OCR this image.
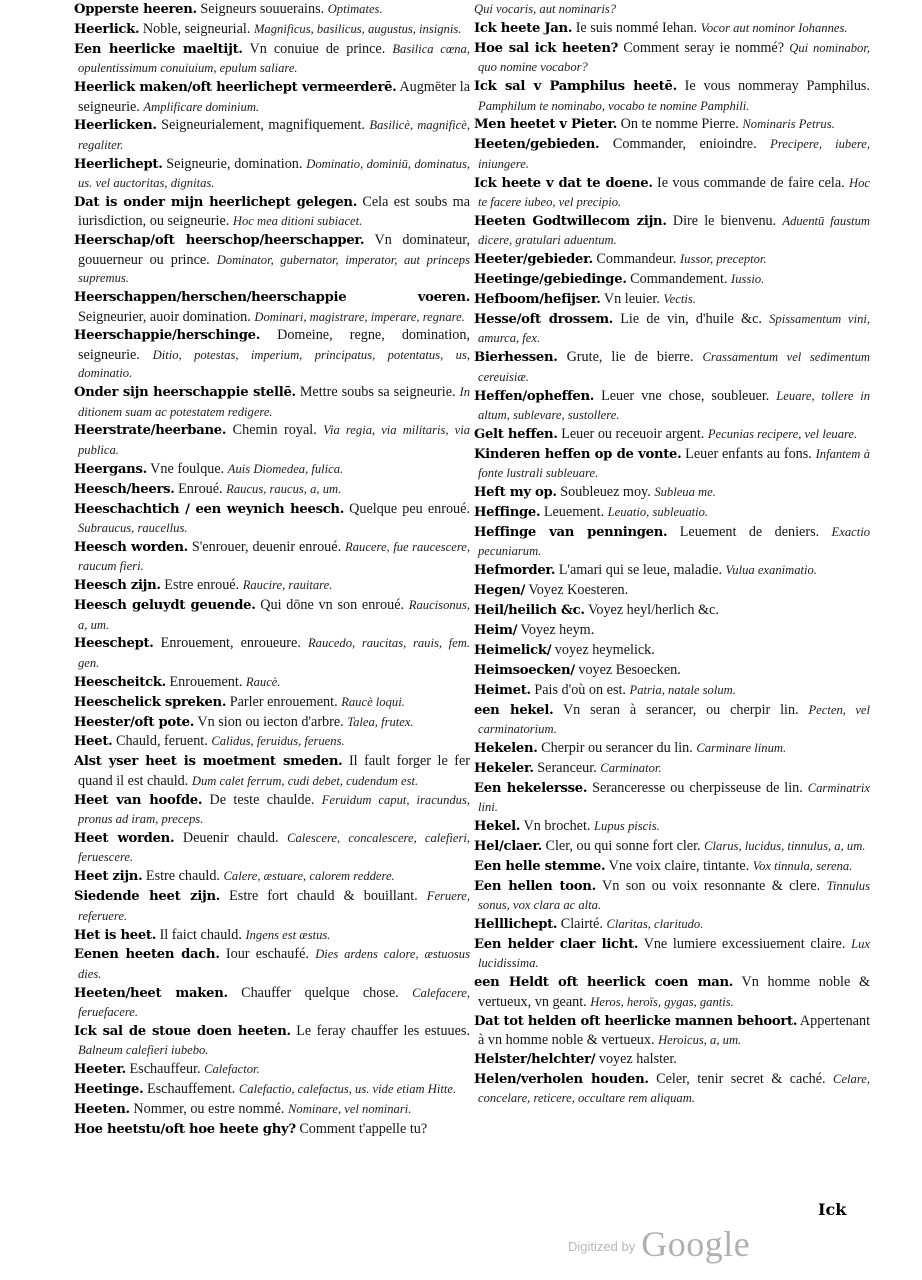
Opperste heeren. Seigneurs souuerains. Optimates.

Heerlick. Noble, seigneurial. Magnificus, basilicus, augustus, insignis.

Een heerlicke maeltijt. Vn conuiue de prince. Basilica cœna, opulentissimum conuiuium, epulum saliare.

Heerlick maken/oft heerlichept vermeerderē. Augmēter la seigneurie. Amplificare dominium.

Heerlicken. Seigneurialement, magnifiquement. Basilicè, magnificè, regaliter.

Heerlichept. Seigneurie, domination. Dominatio, dominiū, dominatus, us. vel auctoritas, dignitas.

Dat is onder mijn heerlichept gelegen. Cela est soubs ma iurisdiction, ou seigneurie. Hoc mea ditioni subiacet.

Heerschap/oft heerschop/heerschapper. Vn dominateur, gouuerneur ou prince. Dominator, gubernator, imperator, aut princeps supremus.

Heerschappen/herschen/heerschappie voeren. Seigneurier, auoir domination. Dominari, magistrare, imperare, regnare.

Heerschappie/herschinge. Domeine, regne, domination, seigneurie. Ditio, potestas, imperium, principatus, potentatus, us, dominatio.

Onder sijn heerschappie stellē. Mettre soubs sa seigneurie. In ditionem suam ac potestatem redigere.

Heerstrate/heerbane. Chemin royal. Via regia, via militaris, via publica.

Heergans. Vne foulque. Auis Diomedea, fulica.

Heesch/heers. Enroué. Raucus, raucus, a, um.

Heeschachtich / een weynich heesch. Quelque peu enroué. Subraucus, raucellus.

Heesch worden. S'enrouer, deuenir enroué. Raucere, fue raucescere, raucum fieri.

Heesch zijn. Estre enroué. Raucire, rauitare.

Heesch geluydt geuende. Qui dōne vn son enroué. Raucisonus, a, um.

Heeschept. Enrouement, enroueure. Raucedo, raucitas, rauis, fem. gen.

Heescheitck. Enrouement. Raucè.

Heeschelick spreken. Parler enrouement. Raucè loqui.

Heester/oft pote. Vn sion ou iecton d'arbre. Talea, frutex.

Heet. Chauld, feruent. Calidus, feruidus, feruens.

Alst yser heet is moetment smeden. Il fault forger le fer quand il est chauld. Dum calet ferrum, cudi debet, cudendum est.

Heet van hoofde. De teste chaulde. Feruidum caput, iracundus, pronus ad iram, preceps.

Heet worden. Deuenir chauld. Calescere, concalescere, calefieri, feruescere.

Heet zijn. Estre chauld. Calere, æstuare, calorem reddere.

Siedende heet zijn. Estre fort chauld & bouillant. Feruere, referuere.

Het is heet. Il faict chauld. Ingens est æstus.

Eenen heeten dach. Iour eschaufé. Dies ardens calore, æstuosus dies.

Heeten/heet maken. Chauffer quelque chose. Calefacere, feruefacere.

Ick sal de stoue doen heeten. Le feray chauffer les estuues. Balneum calefieri iubebo.

Heeter. Eschauffeur. Calefactor.

Heetinge. Eschauffement. Calefactio, calefactus, us. vide etiam Hitte.

Heeten. Nommer, ou estre nommé. Nominare, vel nominari.

Hoe heetstu/oft hoe heete ghy? Comment t'appelle tu?

Qui vocaris, aut nominaris?

Ick heete Jan. Ie suis nommé Iehan. Vocor aut nominor Iohannes.

Hoe sal ick heeten? Comment seray ie nommé? Qui nominabor, quo nomine vocabor?

Ick sal v Pamphilus heetē. Ie vous nommeray Pamphilus. Pamphilum te nominabo, vocabo te nomine Pamphili.

Men heetet v Pieter. On te nomme Pierre. Nominaris Petrus.

Heeten/gebieden. Commander, enioindre. Precipere, iubere, iniungere.

Ick heete v dat te doene. Ie vous commande de faire cela. Hoc te facere iubeo, vel precipio.

Heeten Godtwillecom zijn. Dire le bienvenu. Aduentū faustum dicere, gratulari aduentum.

Heeter/gebieder. Commandeur. Iussor, preceptor.

Heetinge/gebiedinge. Commandement. Iussio.

Hefboom/hefijser. Vn leuier. Vectis.

Hesse/oft drossem. Lie de vin, d'huile &c. Spissamentum vini, amurca, fex.

Bierhessen. Grute, lie de bierre. Crassamentum vel sedimentum cereuisiæ.

Heffen/opheffen. Leuer vne chose, soubleuer. Leuare, tollere in altum, sublevare, sustollere.

Gelt heffen. Leuer ou receuoir argent. Pecunias recipere, vel leuare.

Kinderen heffen op de vonte. Leuer enfants au fons. Infantem à fonte lustrali subleuare.

Heft my op. Soubleuez moy. Subleua me.

Heffinge. Leuement. Leuatio, subleuatio.

Heffinge van penningen. Leuement de deniers. Exactio pecuniarum.

Hefmorder. L'amari qui se leue, maladie. Vulua exanimatio.

Hegen/ Voyez Koesteren.

Heil/heilich &c. Voyez heyl/herlich &c.

Heim/ Voyez heym.

Heimelick/ voyez heymelick.

Heimsoecken/ voyez Besoecken.

Heimet. Pais d'où on est. Patria, natale solum.

een hekel. Vn seran à serancer, ou cherpir lin. Pecten, vel carminatorium.

Hekelen. Cherpir ou serancer du lin. Carminare linum.

Hekeler. Seranceur. Carminator.

Een hekelersse. Seranceresse ou cherpisseuse de lin. Carminatrix lini.

Hekel. Vn brochet. Lupus piscis.

Hel/claer. Cler, ou qui sonne fort cler. Clarus, lucidus, tinnulus, a, um.

Een helle stemme. Vne voix claire, tintante. Vox tinnula, serena.

Een hellen toon. Vn son ou voix resonnante & clere. Tinnulus sonus, vox clara ac alta.

Helllichept. Clairté. Claritas, claritudo.

Een helder claer licht. Vne lumiere excessiuement claire. Lux lucidissima.

een Heldt oft heerlick coen man. Vn homme noble & vertueux, vn geant. Heros, heroïs, gygas, gantis.

Dat tot helden oft heerlicke mannen behoort. Appertenant à vn homme noble & vertueux. Heroicus, a, um.

Helster/helchter/ voyez halster.

Helen/verholen houden. Celer, tenir secret & caché. Celare, concelare, reticere, occultare rem aliquam.

Ick
Digitized by Google
